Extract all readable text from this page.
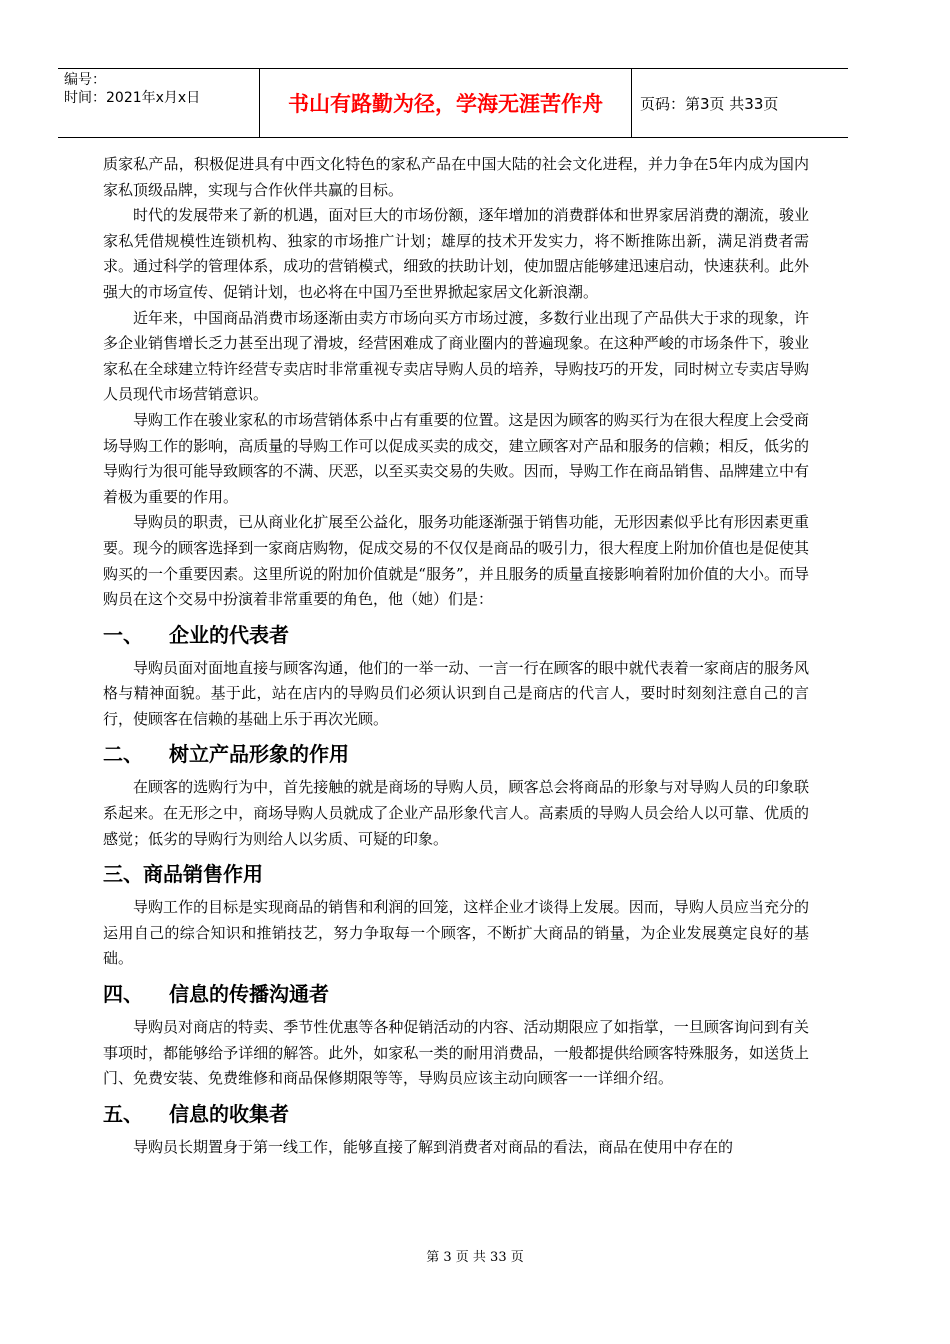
编号：
时间：2021年x月x日	书山有路勤为径，学海无涯苦作舟	页码：第3页 共33页

质家私产品，积极促进具有中西文化特色的家私产品在中国大陆的社会文化进程，并力争在5年内成为国内家私顶级品牌，实现与合作伙伴共赢的目标。

时代的发展带来了新的机遇，面对巨大的市场份额，逐年增加的消费群体和世界家居消费的潮流，骏业家私凭借规模性连锁机构、独家的市场推广计划；雄厚的技术开发实力，将不断推陈出新，满足消费者需求。通过科学的管理体系，成功的营销模式，细致的扶助计划，使加盟店能够建迅速启动，快速获利。此外强大的市场宣传、促销计划，也必将在中国乃至世界掀起家居文化新浪潮。

近年来，中国商品消费市场逐渐由卖方市场向买方市场过渡，多数行业出现了产品供大于求的现象，许多企业销售增长乏力甚至出现了滑坡，经营困难成了商业圈内的普遍现象。在这种严峻的市场条件下，骏业家私在全球建立特许经营专卖店时非常重视专卖店导购人员的培养，导购技巧的开发，同时树立专卖店导购人员现代市场营销意识。

导购工作在骏业家私的市场营销体系中占有重要的位置。这是因为顾客的购买行为在很大程度上会受商场导购工作的影响，高质量的导购工作可以促成买卖的成交，建立顾客对产品和服务的信赖；相反，低劣的导购行为很可能导致顾客的不满、厌恶，以至买卖交易的失败。因而，导购工作在商品销售、品牌建立中有着极为重要的作用。

导购员的职责，已从商业化扩展至公益化，服务功能逐渐强于销售功能，无形因素似乎比有形因素更重要。现今的顾客选择到一家商店购物，促成交易的不仅仅是商品的吸引力，很大程度上附加价值也是促使其购买的一个重要因素。这里所说的附加价值就是“服务”，并且服务的质量直接影响着附加价值的大小。而导购员在这个交易中扮演着非常重要的角色，他（她）们是：

一、 企业的代表者

导购员面对面地直接与顾客沟通，他们的一举一动、一言一行在顾客的眼中就代表着一家商店的服务风格与精神面貌。基于此，站在店内的导购员们必须认识到自己是商店的代言人，要时时刻刻注意自己的言行，使顾客在信赖的基础上乐于再次光顾。

二、 树立产品形象的作用

在顾客的选购行为中，首先接触的就是商场的导购人员，顾客总会将商品的形象与对导购人员的印象联系起来。在无形之中，商场导购人员就成了企业产品形象代言人。高素质的导购人员会给人以可靠、优质的感觉；低劣的导购行为则给人以劣质、可疑的印象。

三、商品销售作用

导购工作的目标是实现商品的销售和利润的回笼，这样企业才谈得上发展。因而，导购人员应当充分的运用自己的综合知识和推销技艺，努力争取每一个顾客，不断扩大商品的销量，为企业发展奠定良好的基础。

四、 信息的传播沟通者

导购员对商店的特卖、季节性优惠等各种促销活动的内容、活动期限应了如指掌，一旦顾客询问到有关事项时，都能够给予详细的解答。此外，如家私一类的耐用消费品，一般都提供给顾客特殊服务，如送货上门、免费安装、免费维修和商品保修期限等等，导购员应该主动向顾客一一详细介绍。

五、 信息的收集者

导购员长期置身于第一线工作，能够直接了解到消费者对商品的看法，商品在使用中存在的

第 3 页 共 33 页
